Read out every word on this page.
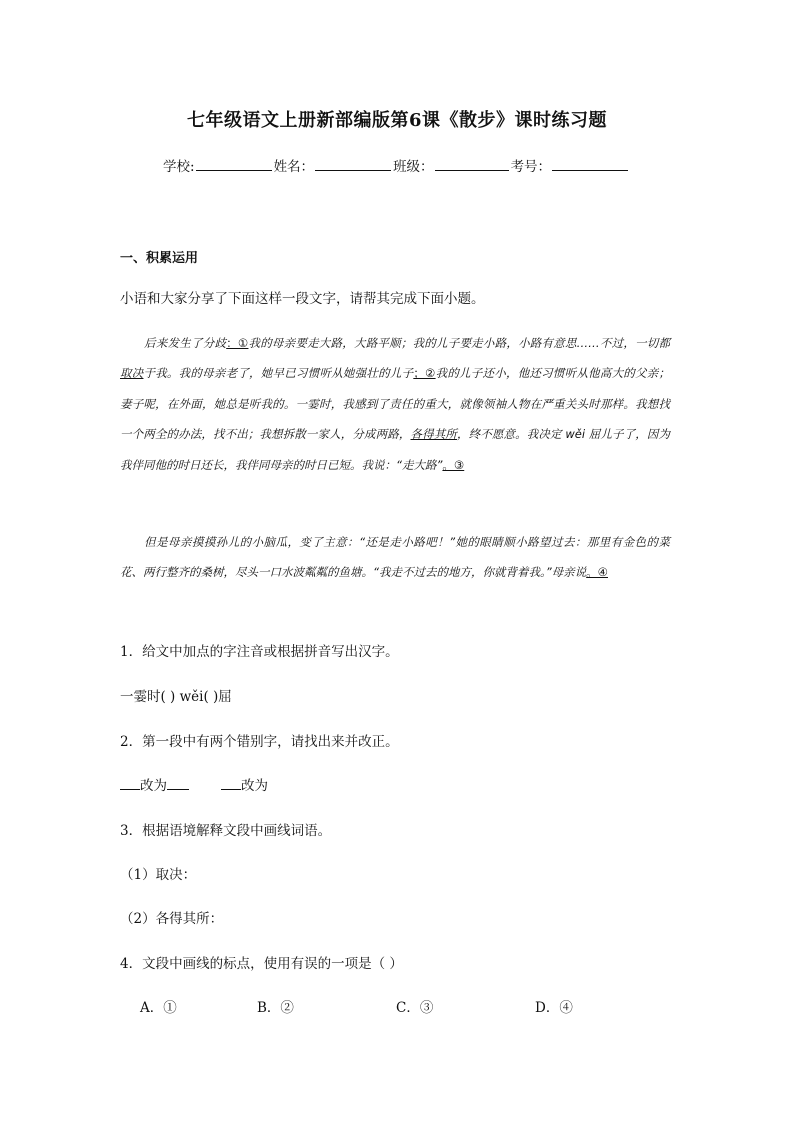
七年级语文上册新部编版第6课《散步》课时练习题
学校:	姓名：	班级：	考号：
一、积累运用
小语和大家分享了下面这样一段文字，请帮其完成下面小题。

后来发生了分歧：①我的母亲要走大路，大路平顺；我的儿子要走小路，小路有意思……不过，一切都取决于我。我的母亲老了，她早已习惯听从她强壮的儿子；②我的儿子还小，他还习惯听从他高大的父亲；妻子呢，在外面，她总是听我的。一霎时，我感到了责任的重大，就像领袖人物在严重关头时那样。我想找一个两全的办法，找不出；我想拆散一家人，分成两路，各得其所，终不愿意。我决定 wěi 屈儿子了，因为我伴同他的时日还长，我伴同母亲的时日已短。我说：“走大路”。③

但是母亲摸摸孙儿的小脑瓜，变了主意：“还是走小路吧！”她的眼睛顺小路望过去：那里有金色的菜花、两行整齐的桑树，尽头一口水波粼粼的鱼塘。“我走不过去的地方，你就背着我。”母亲说。④

1．给文中加点的字注音或根据拼音写出汉字。
一霎时( ) wěi( )屈
2．第一段中有两个错别字，请找出来并改正。
改为	改为
3．根据语境解释文段中画线词语。
（1）取决：
（2）各得其所：
4．文段中画线的标点，使用有误的一项是（ ）
A．①	B．②	C．③	D．④
